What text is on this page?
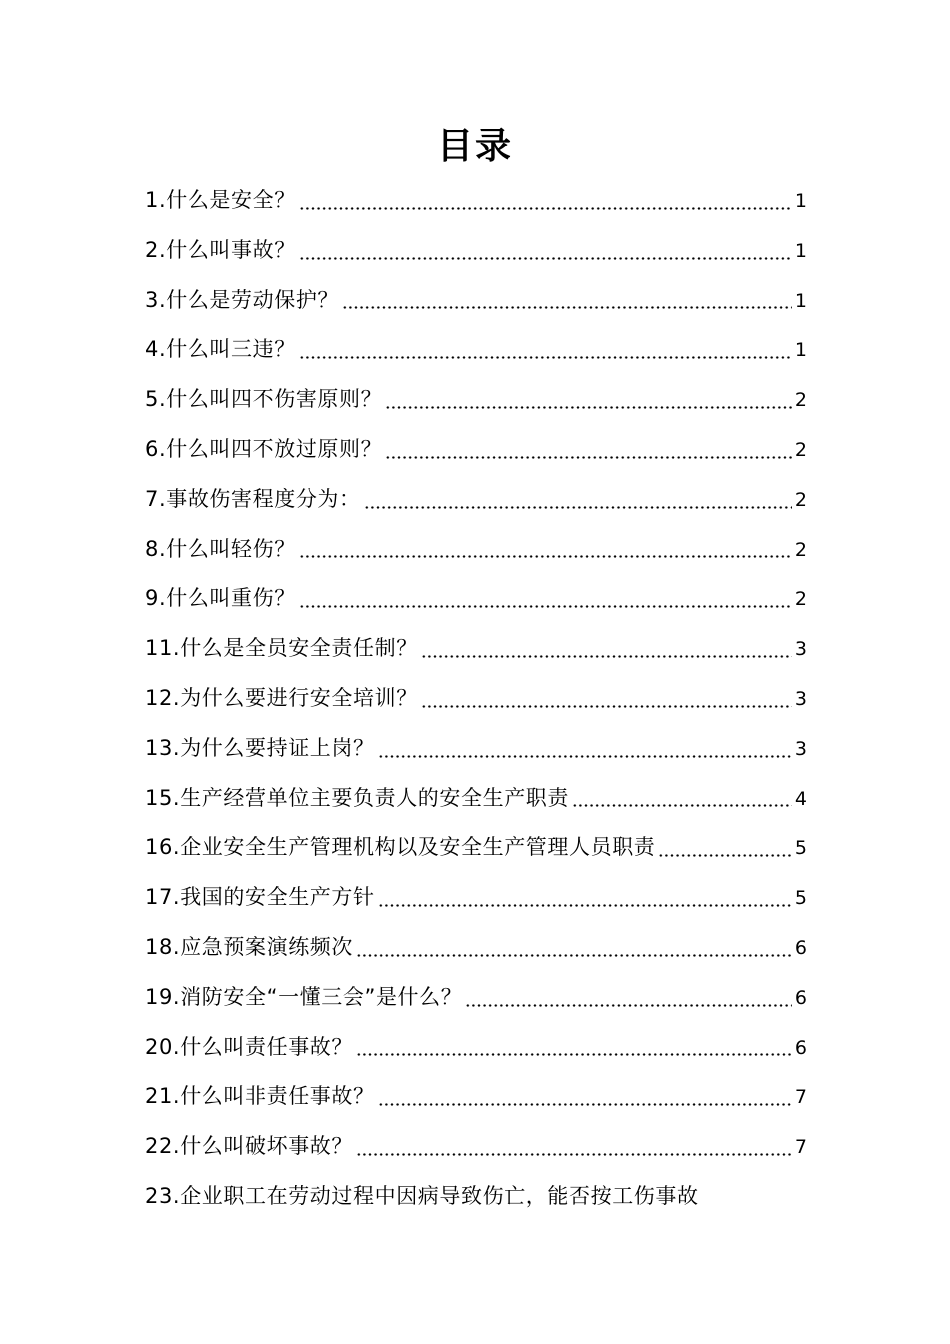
目录
1.什么是安全？	1
2.什么叫事故？	1
3.什么是劳动保护？	1
4.什么叫三违？	1
5.什么叫四不伤害原则？	2
6.什么叫四不放过原则？	2
7.事故伤害程度分为：	2
8.什么叫轻伤？	2
9.什么叫重伤？	2
11.什么是全员安全责任制？	3
12.为什么要进行安全培训？	3
13.为什么要持证上岗？	3
15.生产经营单位主要负责人的安全生产职责	4
16.企业安全生产管理机构以及安全生产管理人员职责	5
17.我国的安全生产方针	5
18.应急预案演练频次	6
19.消防安全“一懂三会”是什么？	6
20.什么叫责任事故？	6
21.什么叫非责任事故？	7
22.什么叫破坏事故？	7
23.企业职工在劳动过程中因病导致伤亡，能否按工伤事故
